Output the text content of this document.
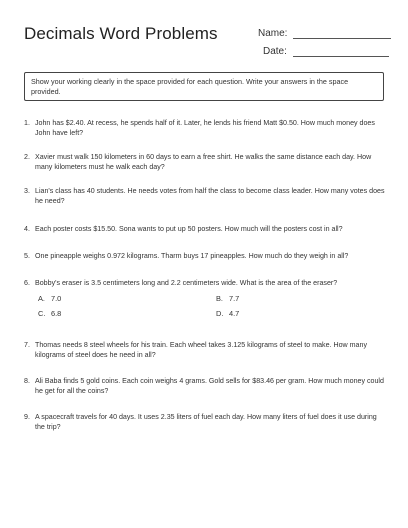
Decimals Word Problems	Name:
Date:
Show your working clearly in the space provided for each question. Write your answers in the space provided.
1. John has $2.40. At recess, he spends half of it. Later, he lends his friend Matt $0.50. How much money does John have left?
2. Xavier must walk 150 kilometers in 60 days to earn a free shirt. He walks the same distance each day. How many kilometers must he walk each day?
3. Lian's class has 40 students. He needs votes from half the class to become class leader. How many votes does he need?
4. Each poster costs $15.50. Sona wants to put up 50 posters. How much will the posters cost in all?
5. One pineapple weighs 0.972 kilograms. Tharm buys 17 pineapples. How much do they weigh in all?
6. Bobby's eraser is 3.5 centimeters long and 2.2 centimeters wide. What is the area of the eraser?
A. 7.0	B. 7.7
C. 6.8	D. 4.7
7. Thomas needs 8 steel wheels for his train. Each wheel takes 3.125 kilograms of steel to make. How many kilograms of steel does he need in all?
8. Ali Baba finds 5 gold coins. Each coin weighs 4 grams. Gold sells for $83.46 per gram. How much money could he get for all the coins?
9. A spacecraft travels for 40 days. It uses 2.35 liters of fuel each day. How many liters of fuel does it use during the trip?
